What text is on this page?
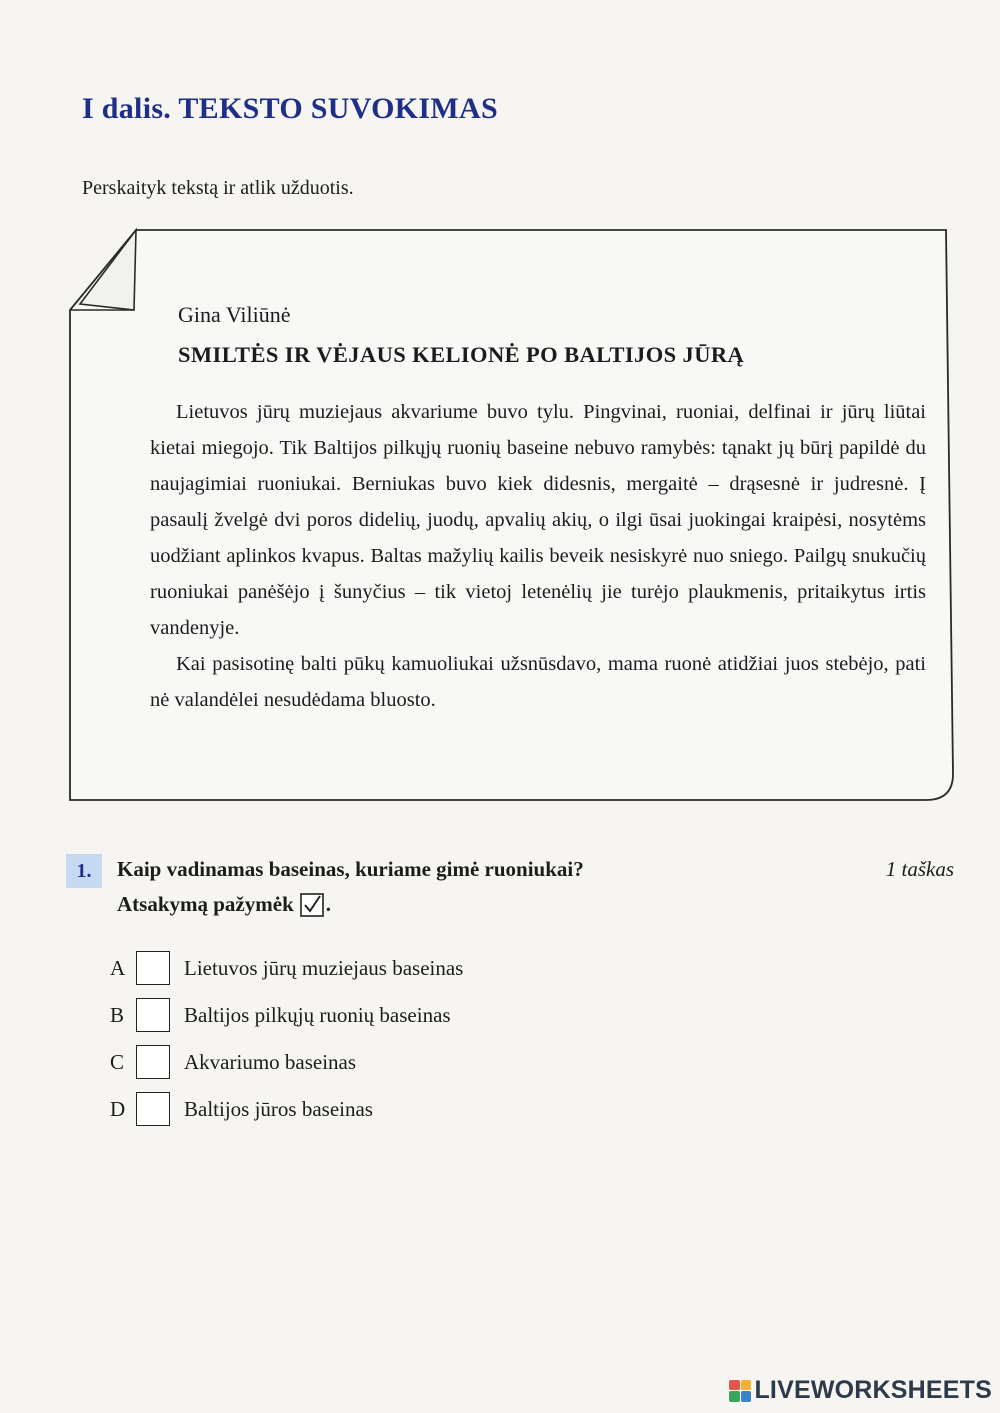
I dalis. TEKSTO SUVOKIMAS

Perskaityk tekstą ir atlik užduotis.

Gina Viliūnė

SMILTĖS IR VĖJAUS KELIONĖ PO BALTIJOS JŪRĄ

Lietuvos jūrų muziejaus akvariume buvo tylu. Pingvinai, ruoniai, delfinai ir jūrų liūtai kietai miegojo. Tik Baltijos pilkųjų ruonių baseine nebuvo ramybės: tąnakt jų būrį papildė du naujagimiai ruoniukai. Berniukas buvo kiek didesnis, mergaitė – drąsesnė ir judresnė. Į pasaulį žvelgė dvi poros didelių, juodų, apvalių akių, o ilgi ūsai juokingai kraipėsi, nosytėms uodžiant aplinkos kvapus. Baltas mažylių kailis beveik nesiskyrė nuo sniego. Pailgų snukučių ruoniukai panėšėjo į šunyčius – tik vietoj letenėlių jie turėjo plaukmenis, pritaikytus irtis vandenyje.

Kai pasisotinę balti pūkų kamuoliukai užsnūsdavo, mama ruonė atidžiai juos stebėjo, pati nė valandėlei nesudėdama bluosto.

1.	Kaip vadinamas baseinas, kuriame gimė ruoniukai?	1 taškas
Atsakymą pažymėk .
A	Lietuvos jūrų muziejaus baseinas
B	Baltijos pilkųjų ruonių baseinas
C	Akvariumo baseinas
D	Baltijos jūros baseinas
LIVEWORKSHEETS
